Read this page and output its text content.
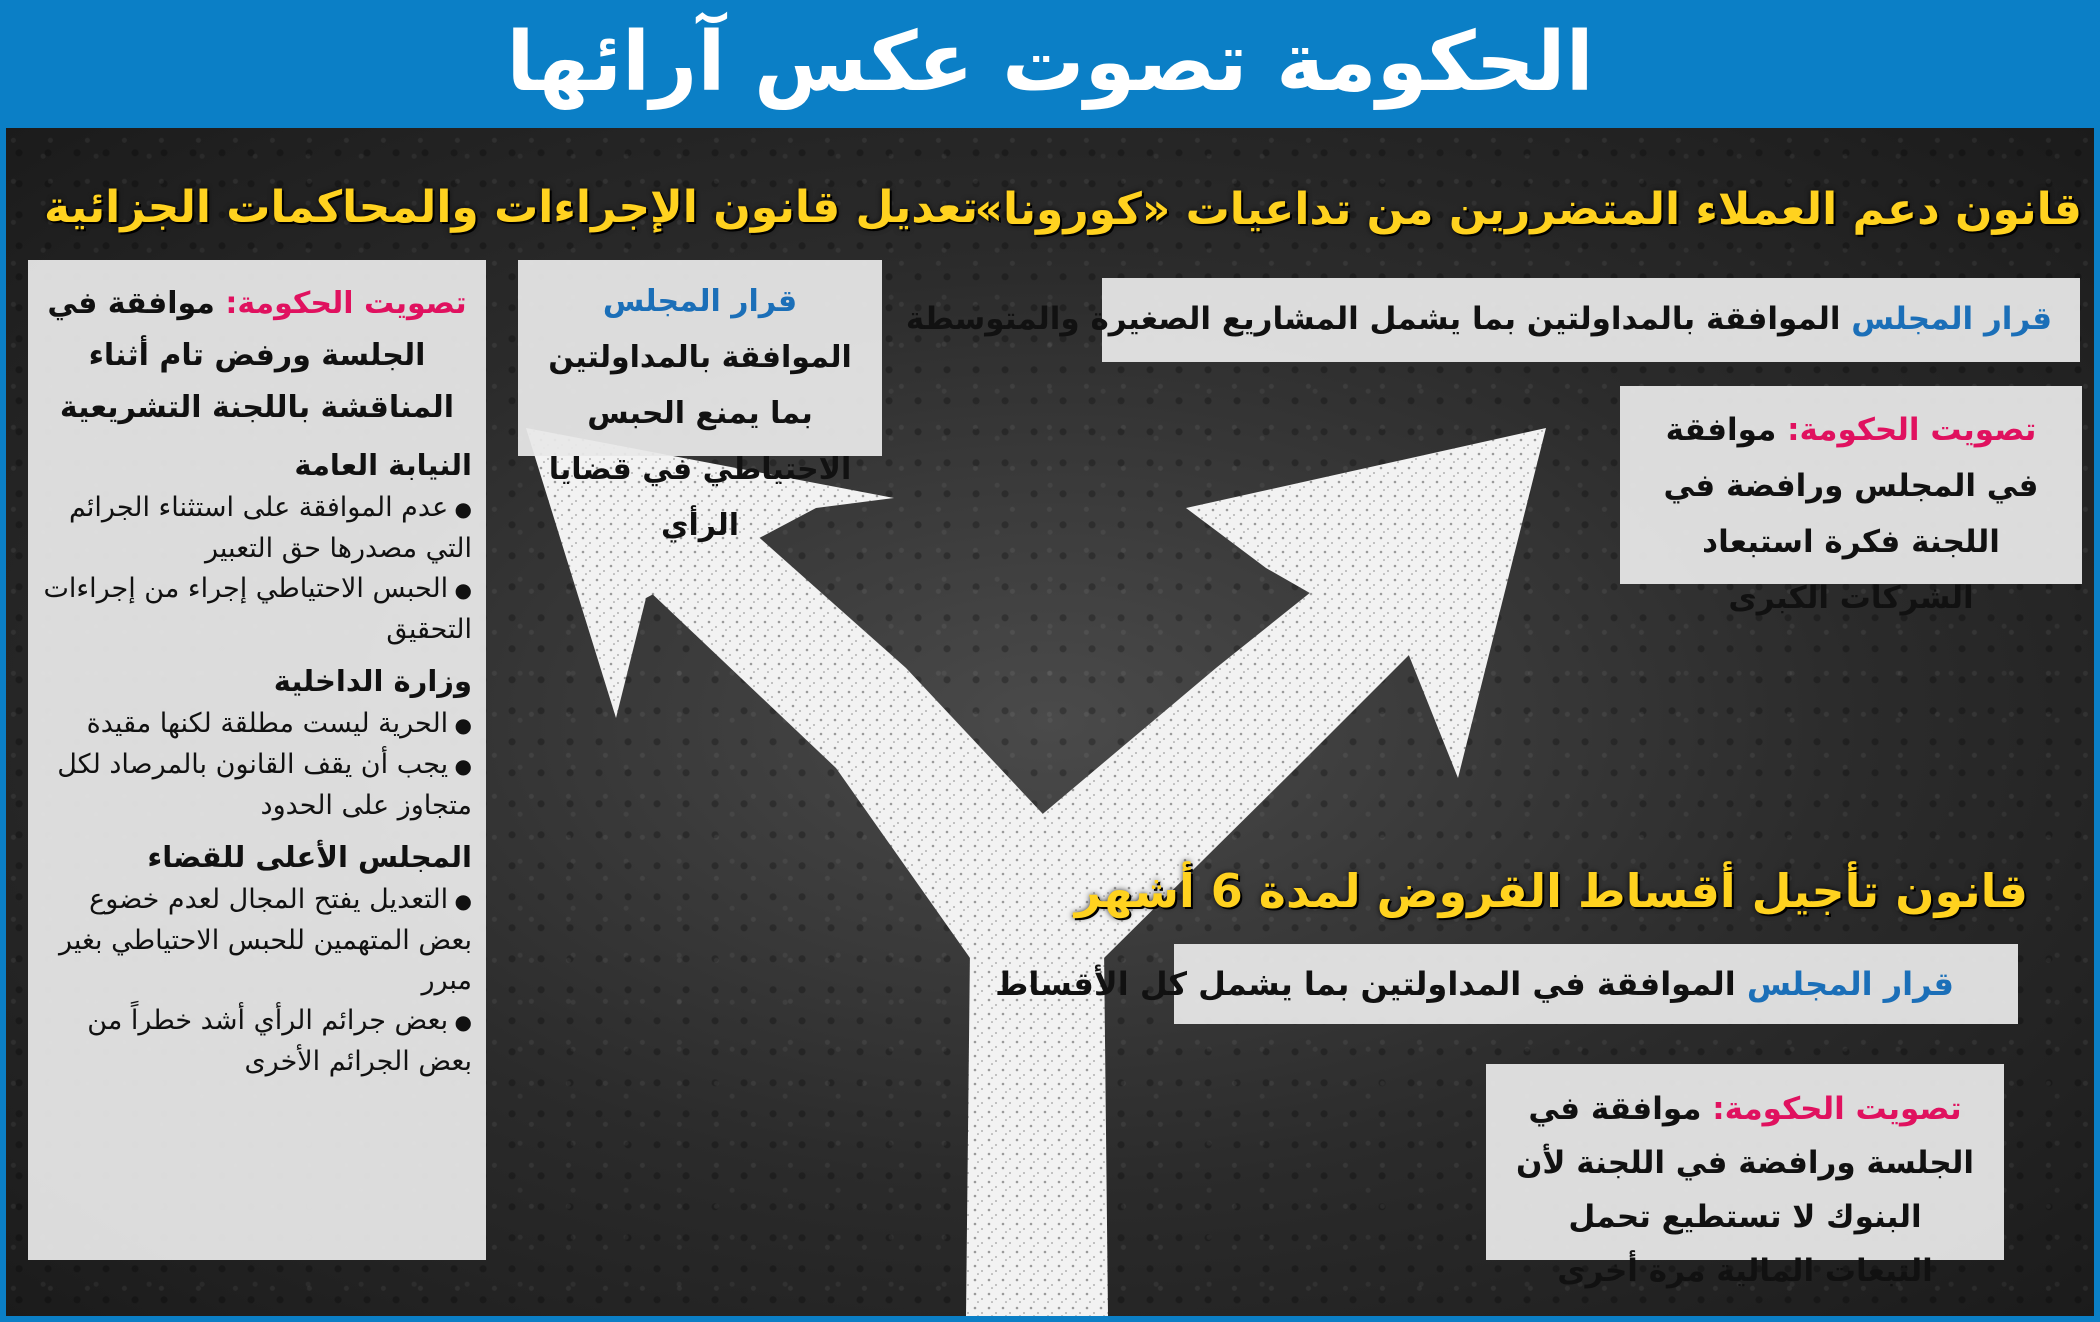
الحكومة تصوت عكس آرائها
قانون دعم العملاء المتضررين من تداعيات «كورونا»
قرار المجلس الموافقة بالمداولتين بما يشمل المشاريع الصغيرة والمتوسطة
تصويت الحكومة: موافقة في المجلس ورافضة في اللجنة فكرة استبعاد الشركات الكبرى
قانون تأجيل أقساط القروض لمدة 6 أشهر
قرار المجلس الموافقة في المداولتين بما يشمل كل الأقساط
تصويت الحكومة: موافقة في الجلسة ورافضة في اللجنة لأن البنوك لا تستطيع تحمل التبعات المالية مرة أخرى
تعديل قانون الإجراءات والمحاكمات الجزائية
قرار المجلس الموافقة بالمداولتين بما يمنع الحبس الاحتياطي في قضايا الرأي
تصويت الحكومة: موافقة في الجلسة ورفض تام أثناء المناقشة باللجنة التشريعية
النيابة العامة
● عدم الموافقة على استثناء الجرائم التي مصدرها حق التعبير
● الحبس الاحتياطي إجراء من إجراءات التحقيق
وزارة الداخلية
● الحرية ليست مطلقة لكنها مقيدة
● يجب أن يقف القانون بالمرصاد لكل متجاوز على الحدود
المجلس الأعلى للقضاء
● التعديل يفتح المجال لعدم خضوع بعض المتهمين للحبس الاحتياطي بغير مبرر
● بعض جرائم الرأي أشد خطراً من بعض الجرائم الأخرى
